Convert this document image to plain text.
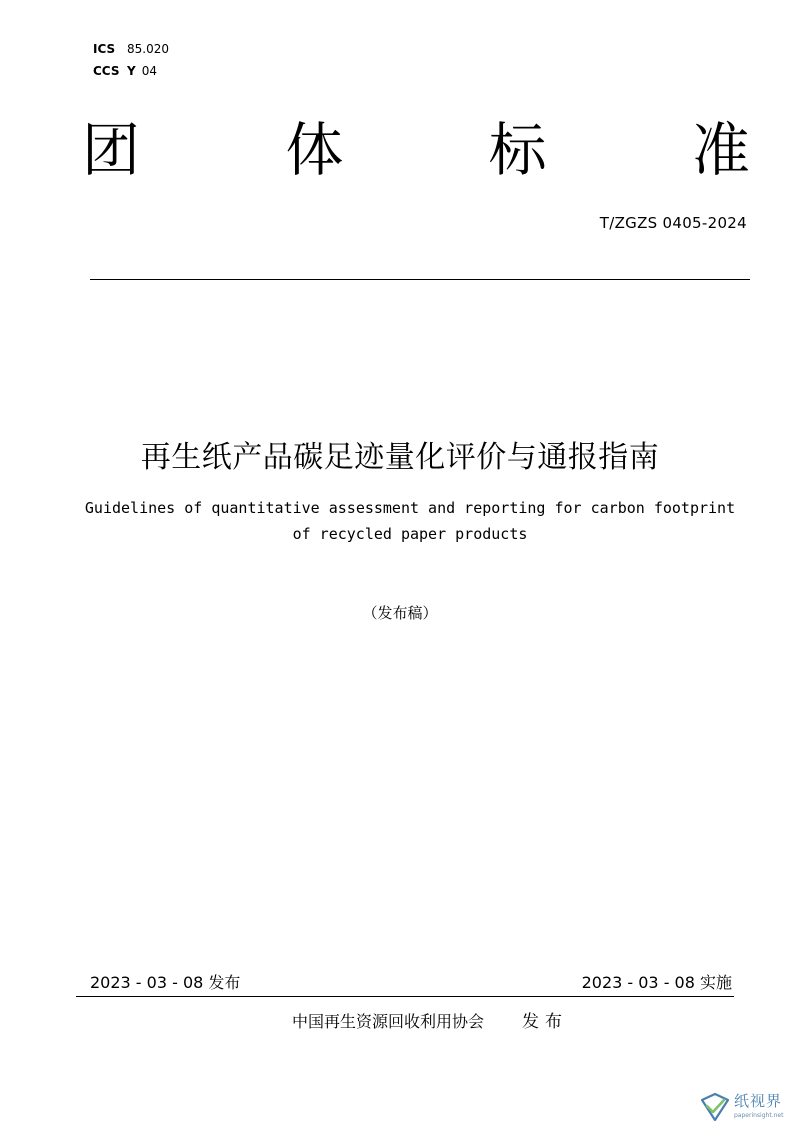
ICS 85.020
CCS Y 04
团	体	标	准
T/ZGZS 0405-2024
再生纸产品碳足迹量化评价与通报指南
Guidelines of quantitative assessment and reporting for carbon footprint
of recycled paper products
（发布稿）
2023 - 03 - 08 发布	2023 - 03 - 08 实施
中国再生资源回收利用协会 发布
纸视界
paperinsight.net
